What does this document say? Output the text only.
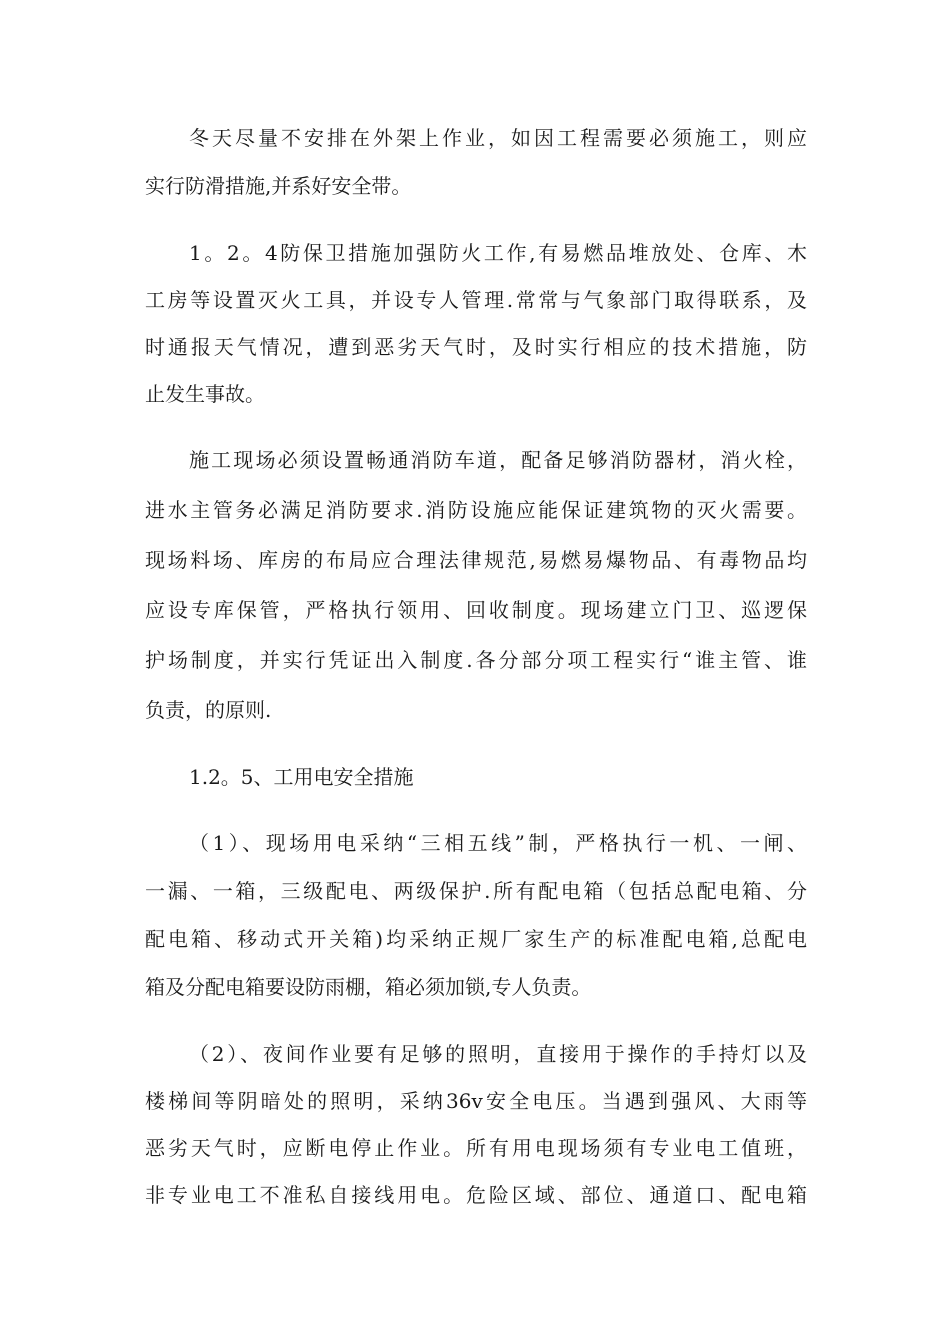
冬天尽量不安排在外架上作业，如因工程需要必须施工，则应
实行防滑措施,并系好安全带。
1。2。4防保卫措施加强防火工作,有易燃品堆放处、仓库、木
工房等设置灭火工具，并设专人管理.常常与气象部门取得联系，及
时通报天气情况，遭到恶劣天气时，及时实行相应的技术措施，防
止发生事故。
施工现场必须设置畅通消防车道，配备足够消防器材，消火栓，
进水主管务必满足消防要求.消防设施应能保证建筑物的灭火需要。
现场料场、库房的布局应合理法律规范,易燃易爆物品、有毒物品均
应设专库保管，严格执行领用、回收制度。现场建立门卫、巡逻保
护场制度，并实行凭证出入制度.各分部分项工程实行“谁主管、谁
负责，的原则.
1.2。5、工用电安全措施
（1）、现场用电采纳“三相五线”制，严格执行一机、一闸、
一漏、一箱，三级配电、两级保护.所有配电箱（包括总配电箱、分
配电箱、移动式开关箱)均采纳正规厂家生产的标准配电箱,总配电
箱及分配电箱要设防雨棚，箱必须加锁,专人负责。
（2）、夜间作业要有足够的照明，直接用于操作的手持灯以及
楼梯间等阴暗处的照明，采纳36v安全电压。当遇到强风、大雨等
恶劣天气时，应断电停止作业。所有用电现场须有专业电工值班，
非专业电工不准私自接线用电。危险区域、部位、通道口、配电箱
